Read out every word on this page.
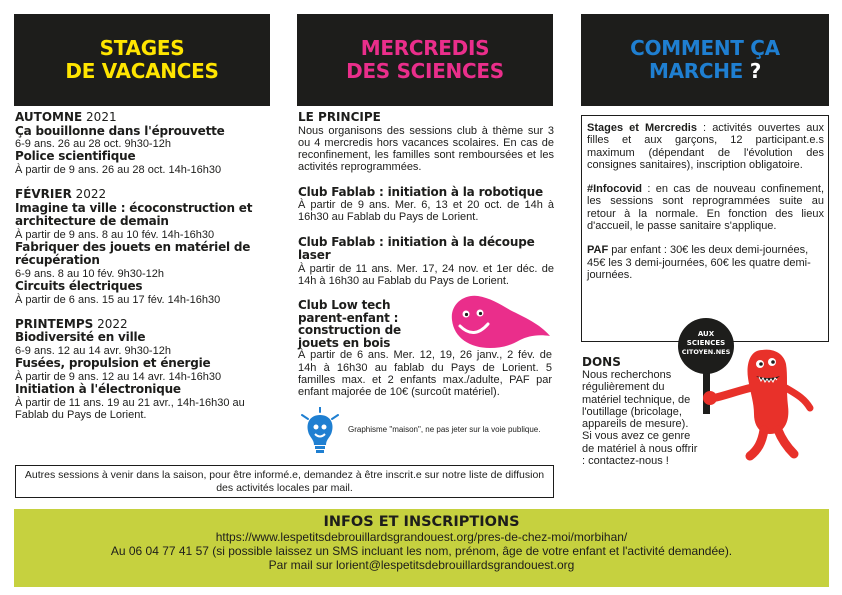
STAGES
DE VACANCES
MERCREDIS
DES SCIENCES
COMMENT ÇA
MARCHE ?
AUTOMNE 2021
Ça bouillonne dans l'éprouvette

6-9 ans. 26 au 28 oct. 9h30-12h

Police scientifique

À partir de 9 ans. 26 au 28 oct. 14h-16h30

FÉVRIER 2022
Imagine ta ville : écoconstruction et architecture de demain

À partir de 9 ans. 8 au 10 fév. 14h-16h30

Fabriquer des jouets en matériel de récupération

6-9 ans. 8 au 10 fév. 9h30-12h

Circuits électriques

À partir de 6 ans. 15 au 17 fév. 14h-16h30

PRINTEMPS 2022
Biodiversité en ville

6-9 ans. 12 au 14 avr. 9h30-12h

Fusées, propulsion et énergie

À partir de 9 ans. 12 au 14 avr. 14h-16h30

Initiation à l'électronique

À partir de 11 ans. 19 au 21 avr., 14h-16h30 au Fablab du Pays de Lorient.

LE PRINCIPE

Nous organisons des sessions club à thème sur 3 ou 4 mercredis hors vacances scolaires. En cas de reconfinement, les familles sont remboursées et les activités reprogrammées.

Club Fablab : initiation à la robotique

À partir de 9 ans. Mer. 6, 13 et 20 oct. de 14h à 16h30 au Fablab du Pays de Lorient.

Club Fablab : initiation à la découpe laser

À partir de 11 ans. Mer. 17, 24 nov. et 1er déc. de 14h à 16h30 au Fablab du Pays de Lorient.

Club Low tech parent-enfant : construction de jouets en bois

À partir de 6 ans. Mer. 12, 19, 26 janv., 2 fév. de 14h à 16h30 au fablab du Pays de Lorient. 5 familles max. et 2 enfants max./adulte, PAF par enfant majorée de 10€ (surcoût matériel).

Graphisme "maison", ne pas jeter sur la voie publique.

Stages et Mercredis : activités ouvertes aux filles et aux garçons, 12 participant.e.s maximum (dépendant de l'évolution des consignes sanitaires), inscription obligatoire.

#Infocovid : en cas de nouveau confinement, les sessions sont reprogrammées suite au retour à la normale. En fonction des lieux d'accueil, le passe sanitaire s'applique.

PAF par enfant : 30€ les deux demi-journées, 45€ les 3 demi-journées, 60€ les quatre demi-journées.

DONS

Nous recherchons régulièrement du matériel technique, de l'outillage (bricolage, appareils de mesure). Si vous avez ce genre de matériel à nous offrir : contactez-nous !

AUX
SCIENCES
CITOYEN.NES
Autres sessions à venir dans la saison, pour être informé.e, demandez à être inscrit.e sur notre liste de diffusion des activités locales par mail.
INFOS ET INSCRIPTIONS

https://www.lespetitsdebrouillardsgrandouest.org/pres-de-chez-moi/morbihan/

Au 06 04 77 41 57 (si possible laissez un SMS incluant les nom, prénom, âge de votre enfant et l'activité demandée).

Par mail sur lorient@lespetitsdebrouillardsgrandouest.org
